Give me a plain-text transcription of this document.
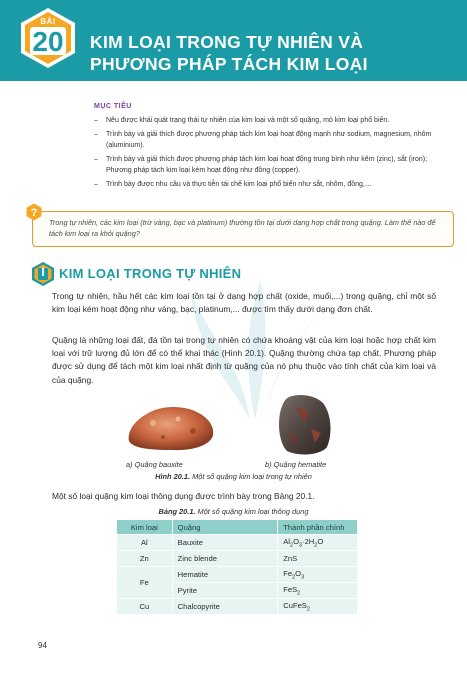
BÀI
20	KIM LOẠI TRONG TỰ NHIÊN VÀ
PHƯƠNG PHÁP TÁCH KIM LOẠI
MỤC TIÊU
– Nêu được khái quát trạng thái tự nhiên của kim loại và một số quặng, mỏ kim loại phổ biến.
– Trình bày và giải thích được phương pháp tách kim loại hoạt động mạnh như sodium, magnesium, nhôm (aluminium).
– Trình bày và giải thích được phương pháp tách kim loại hoạt động trung bình như kẽm (zinc), sắt (iron); Phương pháp tách kim loại kém hoạt động như đồng (copper).
– Trình bày được nhu cầu và thực tiễn tái chế kim loại phổ biến như sắt, nhôm, đồng,…
?
Trong tự nhiên, các kim loại (trừ vàng, bạc và platinum) thường tồn tại dưới dạng hợp chất trong quặng. Làm thế nào để tách kim loại ra khỏi quặng?
I	KIM LOẠI TRONG TỰ NHIÊN

Trong tự nhiên, hầu hết các kim loại tồn tại ở dạng hợp chất (oxide, muối,...) trong quặng, chỉ một số kim loại kém hoạt động như vàng, bạc, platinum,... được tìm thấy dưới dạng đơn chất.

Quặng là những loại đất, đá tồn tại trong tự nhiên có chứa khoáng vật của kim loại hoặc hợp chất kim loại với trữ lượng đủ lớn để có thể khai thác (Hình 20.1). Quặng thường chứa tạp chất. Phương pháp được sử dụng để tách một kim loại nhất định từ quặng của nó phụ thuộc vào tính chất của kim loại và của quặng.

a) Quặng bauxite	b) Quặng hematite
Hình 20.1. Một số quặng kim loại trong tự nhiên
Một số loại quặng kim loại thông dụng được trình bày trong Bảng 20.1.
Bảng 20.1. Một số quặng kim loại thông dụng
Kim loại	Quặng	Thành phần chính
Al	Bauxite	$Al_2O_3\cdot 2H_2O$
Zn	Zinc blende	ZnS
Fe	Hematite	$Fe_2O_3$
	Pyrite	FeS$_2$
Cu	Chalcopyrite	CuFeS$_2$
94
